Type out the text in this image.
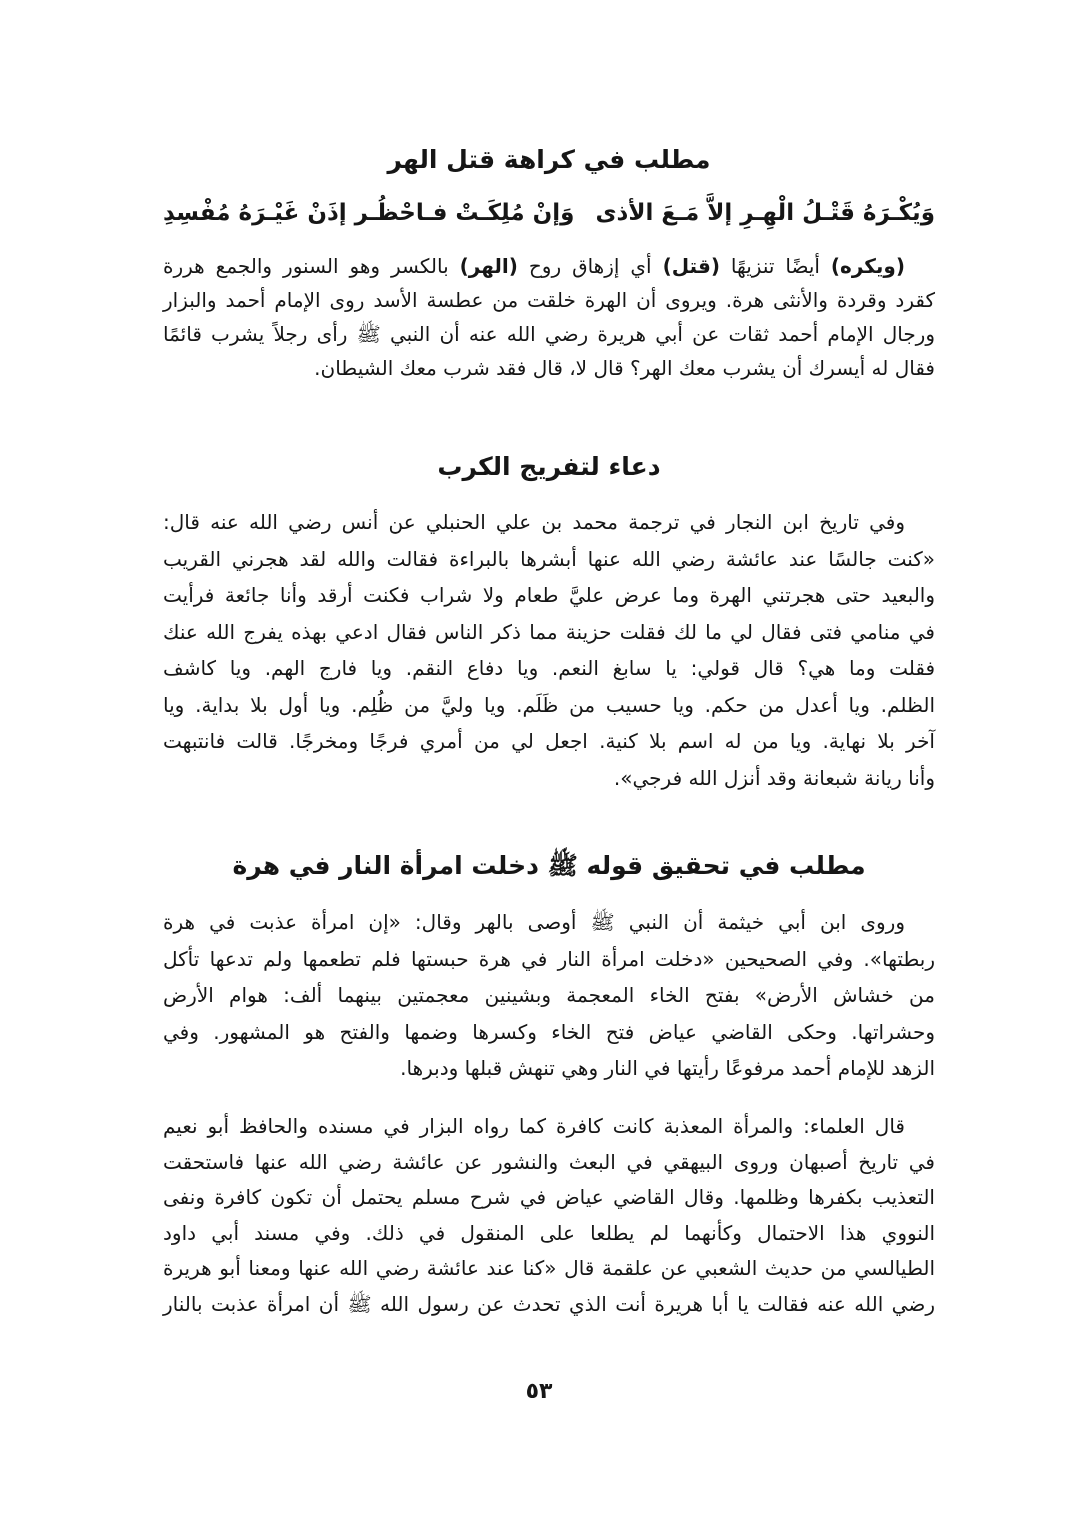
مطلب في كراهة قتل الهر
وَيُكْـرَهُ قَتْـلُ الْهِـرِ إلاَّ مَـعَ الأذى
وَإنْ مُلِكَـتْ فـاحْظُـر إذَنْ غَيْـرَهُ مُفْسِدِ
(ويكره) أيضًا تنزيهًا (قتل) أي إزهاق روح (الهر) بالكسر وهو السنور والجمع هررة
كقرد وقردة والأنثى هرة. ويروى أن الهرة خلقت من عطسة الأسد روى الإمام أحمد والبزار
ورجال الإمام أحمد ثقات عن أبي هريرة رضي الله عنه أن النبي ﷺ رأى رجلاً يشرب قائمًا
فقال له أيسرك أن يشرب معك الهر؟ قال لا، قال فقد شرب معك الشيطان.
دعاء لتفريج الكرب
وفي تاريخ ابن النجار في ترجمة محمد بن علي الحنبلي عن أنس رضي الله عنه قال:
«كنت جالسًا عند عائشة رضي الله عنها أبشرها بالبراءة فقالت والله لقد هجرني القريب
والبعيد حتى هجرتني الهرة وما عرض عليَّ طعام ولا شراب فكنت أرقد وأنا جائعة فرأيت
في منامي فتى فقال لي ما لك فقلت حزينة مما ذكر الناس فقال ادعي بهذه يفرج الله عنك
فقلت وما هي؟ قال قولي: يا سابغ النعم. ويا دفاع النقم. ويا فارج الهم. ويا كاشف
الظلم. ويا أعدل من حكم. ويا حسيب من ظَلَم. ويا وليَّ من ظُلِم. ويا أول بلا بداية. ويا
آخر بلا نهاية. ويا من له اسم بلا كنية. اجعل لي من أمري فرجًا ومخرجًا. قالت فانتبهت
وأنا ريانة شبعانة وقد أنزل الله فرجي».
مطلب في تحقيق قوله ﷺ دخلت امرأة النار في هرة
وروى ابن أبي خيثمة أن النبي ﷺ أوصى بالهر وقال: «إن امرأة عذبت في هرة
ربطتها». وفي الصحيحين «دخلت امرأة النار في هرة حبستها فلم تطعمها ولم تدعها تأكل
من خشاش الأرض» بفتح الخاء المعجمة وبشينين معجمتين بينهما ألف: هوام الأرض
وحشراتها. وحكى القاضي عياض فتح الخاء وكسرها وضمها والفتح هو المشهور. وفي
الزهد للإمام أحمد مرفوعًا رأيتها في النار وهي تنهش قبلها ودبرها.
قال العلماء: والمرأة المعذبة كانت كافرة كما رواه البزار في مسنده والحافظ أبو نعيم
في تاريخ أصبهان وروى البيهقي في البعث والنشور عن عائشة رضي الله عنها فاستحقت
التعذيب بكفرها وظلمها. وقال القاضي عياض في شرح مسلم يحتمل أن تكون كافرة ونفى
النووي هذا الاحتمال وكأنهما لم يطلعا على المنقول في ذلك. وفي مسند أبي داود
الطيالسي من حديث الشعبي عن علقمة قال «كنا عند عائشة رضي الله عنها ومعنا أبو هريرة
رضي الله عنه فقالت يا أبا هريرة أنت الذي تحدث عن رسول الله ﷺ أن امرأة عذبت بالنار
٥٣
